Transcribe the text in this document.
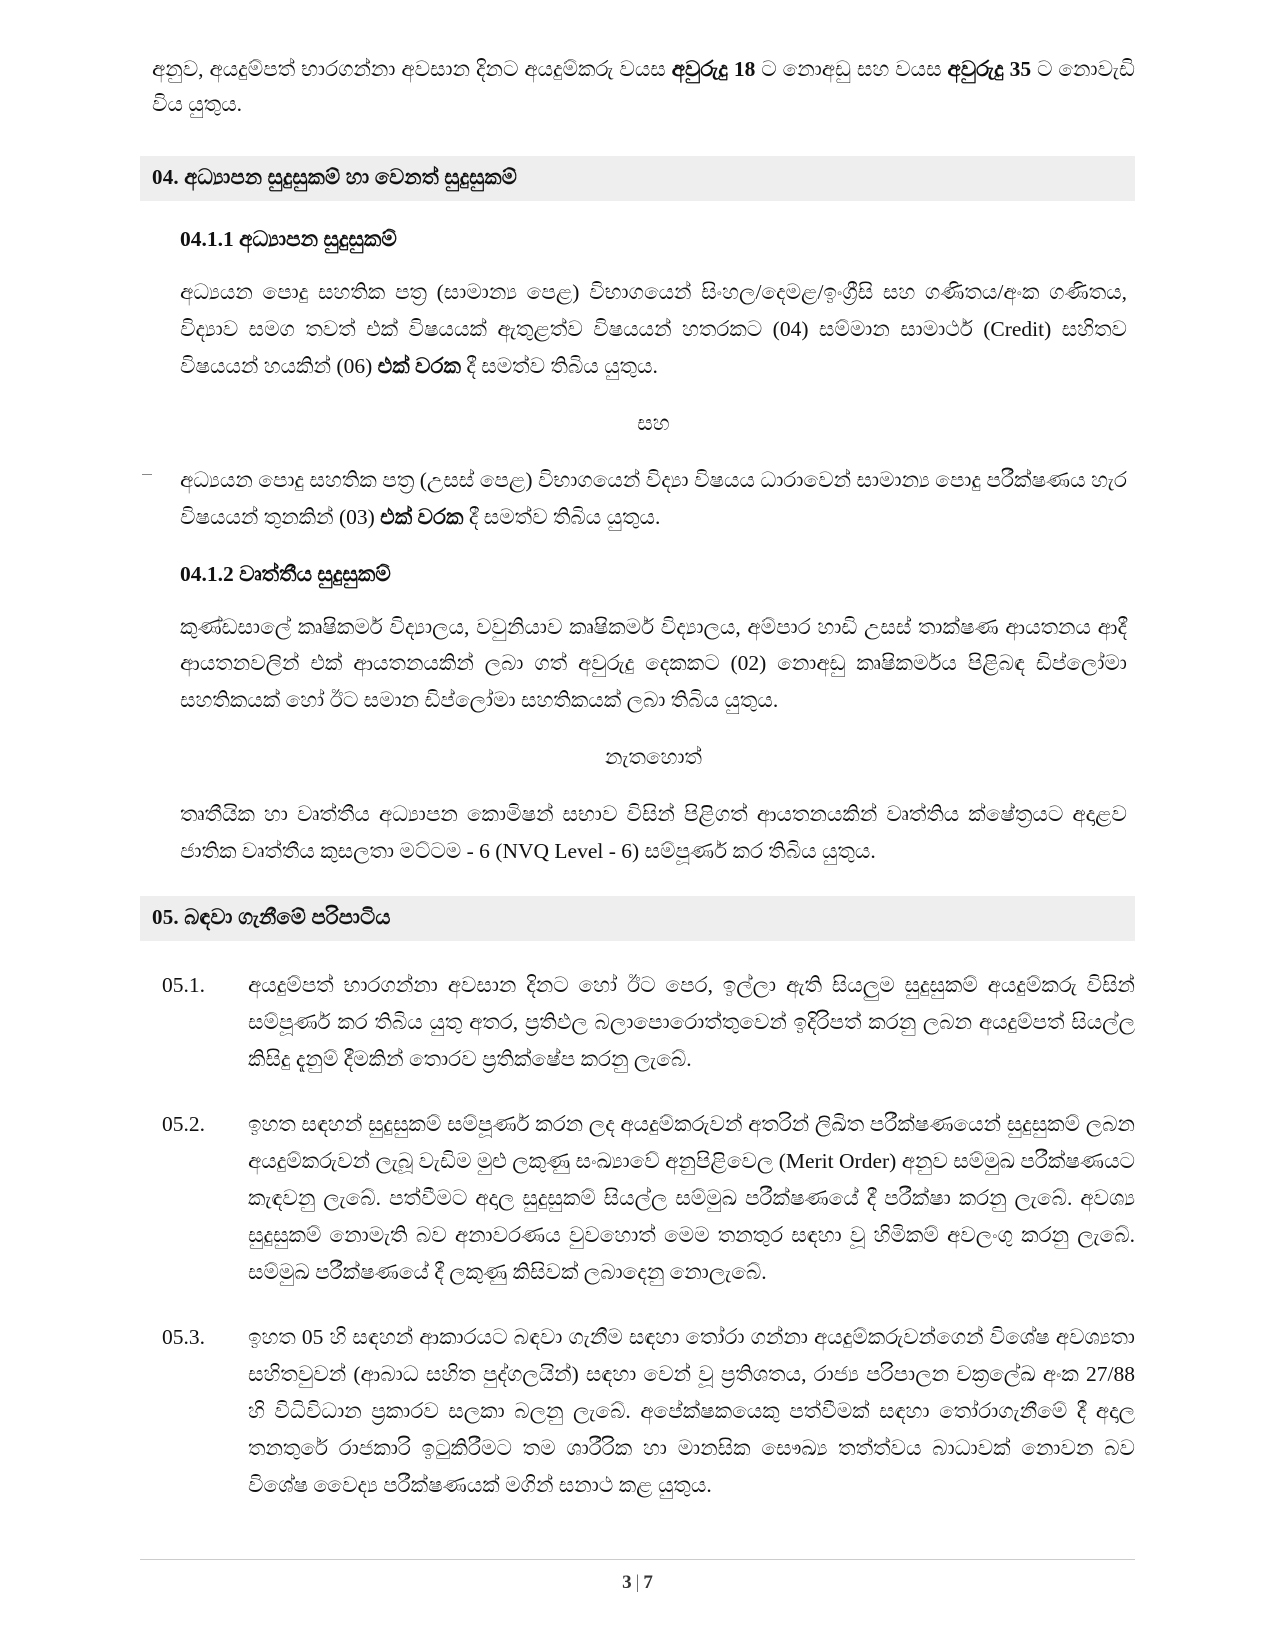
අනුව, අයදුම්පත් භාරගන්නා අවසාන දිනට අයදුම්කරු වයස අවුරුදු 18 ට නොඅඩු සහ වයස අවුරුදු 35 ට නොවැඩි විය යුතුය.

04. අධ්‍යාපන සුදුසුකම් හා වෙනත් සුදුසුකම්
04.1.1 අධ්‍යාපන සුදුසුකම්

අධ්‍යයන පොදු සහතික පත්‍ර (සාමාන්‍ය පෙළ) විභාගයෙන් සිංහල/දෙමළ/ඉංග්‍රීසි සහ ගණිතය/අංක ගණිතය, විද්‍යාව සමග තවත් එක් විෂයයක් ඇතුළත්ව විෂයයන් හතරකට (04) සම්මාන සාමාර්ථ (Credit) සහිතව විෂයයන් හයකින් (06) එක් වරක දී සමත්ව තිබිය යුතුය.

සහ

අධ්‍යයන පොදු සහතික පත්‍ර (උසස් පෙළ) විභාගයෙන් විද්‍යා විෂයය ධාරාවෙන් සාමාන්‍ය පොදු පරීක්ෂණය හැර විෂයයන් තුනකින් (03) එක් වරක දී සමත්ව තිබිය යුතුය.

04.1.2 වෘත්තීය සුදුසුකම්

කුණ්ඩසාලේ කෘෂිකර්ම විද්‍යාලය, වවුනියාව කෘෂිකර්ම විද්‍යාලය, අම්පාර හාඩි උසස් තාක්ෂණ ආයතනය ආදී ආයතනවලින් එක් ආයතනයකින් ලබා ගත් අවුරුදු දෙකකට (02) නොඅඩු කෘෂිකර්මය පිළිබඳ ඩිප්ලෝමා සහතිකයක් හෝ ඊට සමාන ඩිප්ලෝමා සහතිකයක් ලබා තිබිය යුතුය.

නැතහොත්

තෘතීයික හා වෘත්තීය අධ්‍යාපන කොමිෂන් සභාව විසින් පිළිගත් ආයතනයකින් වෘත්තිය ක්ෂේත්‍රයට අදාළව ජාතික වෘත්තීය කුසලතා මට්ටම - 6 (NVQ Level - 6) සම්පූර්ණ කර තිබිය යුතුය.

05. බඳවා ගැනීමේ පරිපාටිය
05.1.	අයදුම්පත් භාරගන්නා අවසාන දිනට හෝ ඊට පෙර, ඉල්ලා ඇති සියලුම සුදුසුකම් අයදුම්කරු විසින් සම්පූර්ණ කර තිබිය යුතු අතර, ප්‍රතිඵල බලාපොරොත්තුවෙන් ඉදිරිපත් කරනු ලබන අයදුම්පත් සියල්ල කිසිදු දැනුම් දීමකින් තොරව ප්‍රතික්ෂේප කරනු ලැබේ.
05.2.	ඉහත සඳහන් සුදුසුකම් සම්පූර්ණ කරන ලද අයදුම්කරුවන් අතරින් ලිඛිත පරීක්ෂණයෙන් සුදුසුකම් ලබන අයදුම්කරුවන් ලැබූ වැඩිම මුළු ලකුණු සංඛ්‍යාවේ අනුපිළිවෙල (Merit Order) අනුව සම්මුඛ පරීක්ෂණයට කැඳවනු ලැබේ. පත්වීමට අදාල සුදුසුකම් සියල්ල සම්මුඛ පරීක්ෂණයේ දී පරීක්ෂා කරනු ලැබේ. අවශ්‍ය සුදුසුකම් නොමැති බව අනාවරණය වුවහොත් මෙම තනතුර සඳහා වූ හිමිකම් අවලංගු කරනු ලැබේ. සම්මුඛ පරීක්ෂණයේ දී ලකුණු කිසිවක් ලබාදෙනු නොලැබේ.
05.3.	ඉහත 05 හි සඳහන් ආකාරයට බඳවා ගැනීම සඳහා තෝරා ගන්නා අයදුම්කරුවන්ගෙන් විශේෂ අවශ්‍යතා සහිතවුවන් (ආබාධ සහිත පුද්ගලයින්) සඳහා වෙන් වූ ප්‍රතිශතය, රාජ්‍ය පරිපාලන චක්‍රලේඛ අංක 27/88 හි විධිවිධාන ප්‍රකාරව සලකා බලනු ලැබේ. අපේක්ෂකයෙකු පත්වීමක් සඳහා තෝරාගැනීමේ දී අදාල තනතුරේ රාජකාරි ඉටුකිරීමට තම ශාරීරික හා මානසික සෞඛ්‍ය තත්ත්වය බාධාවක් නොවන බව විශේෂ වෛද්‍ය පරීක්ෂණයක් මගින් සනාථ කළ යුතුය.
3 | 7
